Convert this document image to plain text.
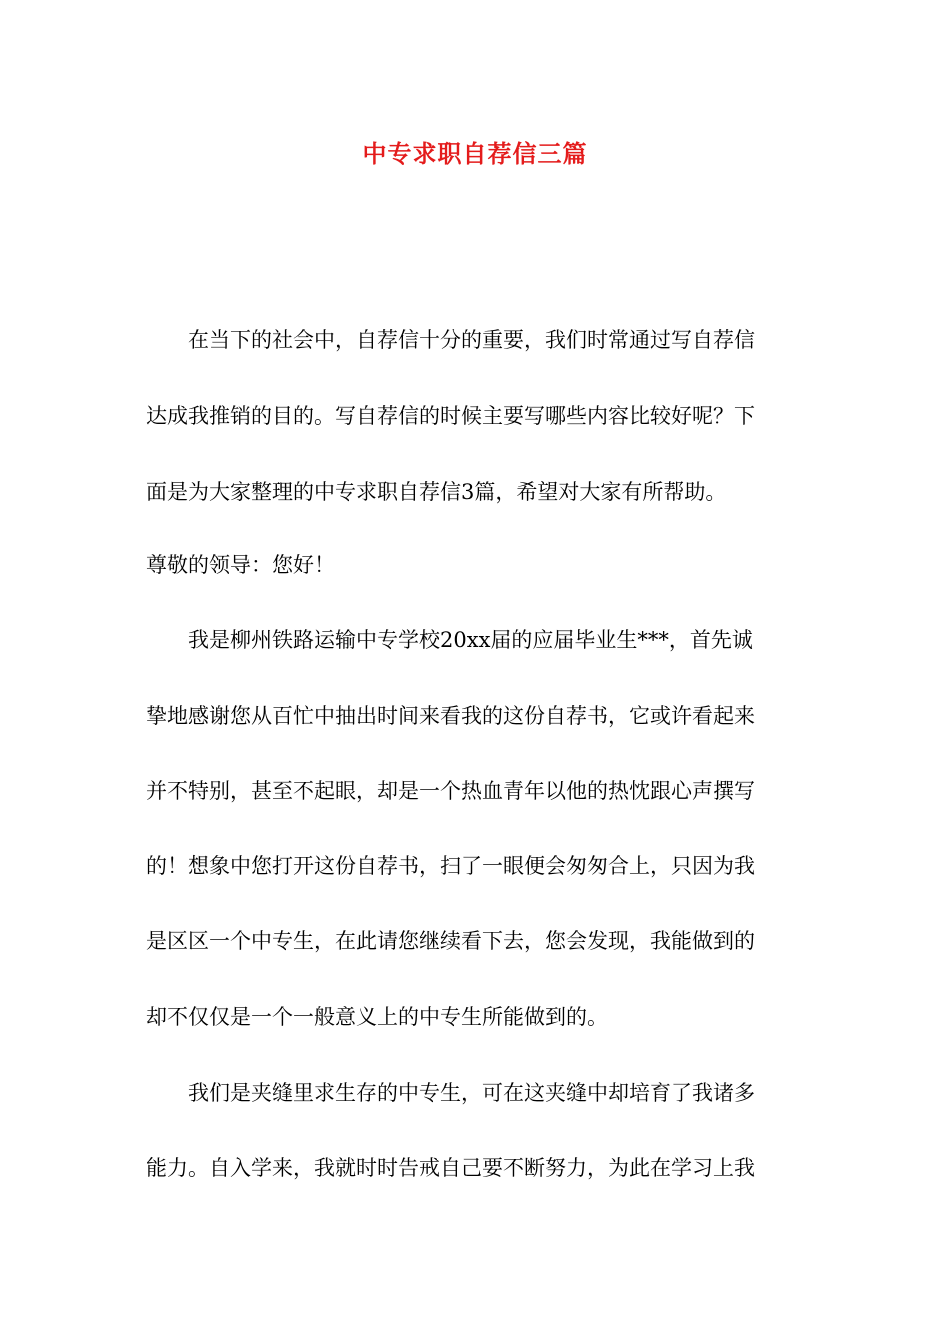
中专求职自荐信三篇

在当下的社会中，自荐信十分的重要，我们时常通过写自荐信

达成我推销的目的。写自荐信的时候主要写哪些内容比较好呢？下

面是为大家整理的中专求职自荐信3篇，希望对大家有所帮助。

尊敬的领导：您好！

我是柳州铁路运输中专学校20xx届的应届毕业生***，首先诚

挚地感谢您从百忙中抽出时间来看我的这份自荐书，它或许看起来

并不特别，甚至不起眼，却是一个热血青年以他的热忱跟心声撰写

的！想象中您打开这份自荐书，扫了一眼便会匆匆合上，只因为我

是区区一个中专生，在此请您继续看下去，您会发现，我能做到的

却不仅仅是一个一般意义上的中专生所能做到的。

我们是夹缝里求生存的中专生，可在这夹缝中却培育了我诸多

能力。自入学来，我就时时告戒自己要不断努力，为此在学习上我
